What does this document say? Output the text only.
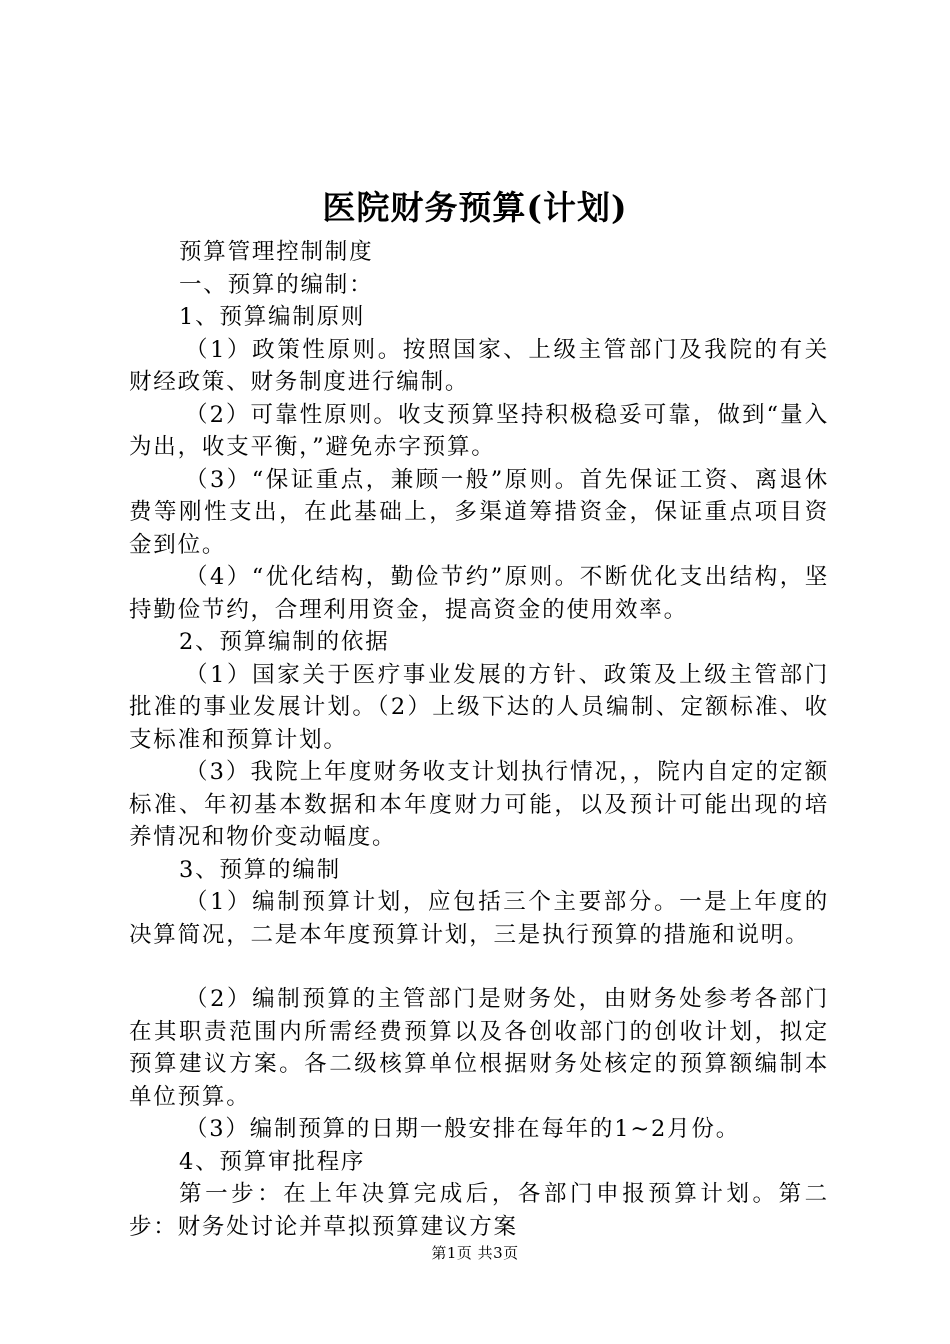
医院财务预算(计划)

预算管理控制制度

一、预算的编制：

1、预算编制原则

（1）政策性原则。按照国家、上级主管部门及我院的有关财经政策、财务制度进行编制。

（2）可靠性原则。收支预算坚持积极稳妥可靠，做到“量入为出，收支平衡，”避免赤字预算。

（3）“保证重点，兼顾一般”原则。首先保证工资、离退休费等刚性支出，在此基础上，多渠道筹措资金，保证重点项目资金到位。

（4）“优化结构，勤俭节约”原则。不断优化支出结构，坚持勤俭节约，合理利用资金，提高资金的使用效率。

2、预算编制的依据

（1）国家关于医疗事业发展的方针、政策及上级主管部门批准的事业发展计划。（2）上级下达的人员编制、定额标准、收支标准和预算计划。

（3）我院上年度财务收支计划执行情况，，院内自定的定额标准、年初基本数据和本年度财力可能，以及预计可能出现的培养情况和物价变动幅度。

3、预算的编制

（1）编制预算计划，应包括三个主要部分。一是上年度的决算简况，二是本年度预算计划，三是执行预算的措施和说明。

（2）编制预算的主管部门是财务处，由财务处参考各部门在其职责范围内所需经费预算以及各创收部门的创收计划，拟定预算建议方案。各二级核算单位根据财务处核定的预算额编制本单位预算。

（3）编制预算的日期一般安排在每年的1~2月份。

4、预算审批程序

第一步：在上年决算完成后，各部门申报预算计划。第二步：财务处讨论并草拟预算建议方案

第1页 共3页
